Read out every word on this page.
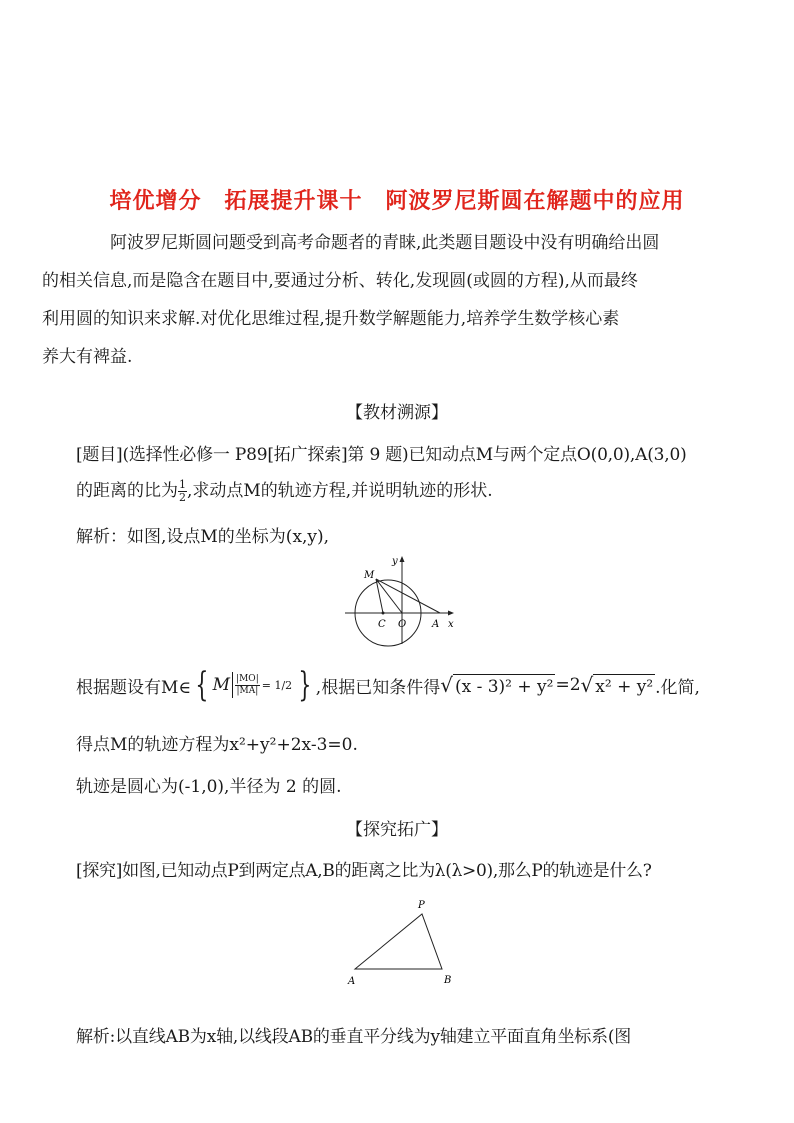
培优增分　拓展提升课十　阿波罗尼斯圆在解题中的应用
阿波罗尼斯圆问题受到高考命题者的青睐,此类题目题设中没有明确给出圆
的相关信息,而是隐含在题目中,要通过分析、转化,发现圆(或圆的方程),从而最终
利用圆的知识来求解.对优化思维过程,提升数学解题能力,培养学生数学核心素
养大有裨益.
【教材溯源】
[题目](选择性必修一 P89[拓广探索]第 9 题)已知动点M与两个定点O(0,0),A(3,0)
的距离的比为 $\frac{1}{2}$ ,求动点M的轨迹方程,并说明轨迹的形状.
解析：如图,设点M的坐标为(x,y),
M
y
C O	A x
根据题设有M∈ { M $\frac{|MO|}{|MA|} = 1/2$ } ,根据已知条件得 √ (x - 3)² + y² =2 √ x² + y² .化简,
得点M的轨迹方程为x²+y²+2x-3=0.
轨迹是圆心为(-1,0),半径为 2 的圆.
【探究拓广】
[探究]如图,已知动点P到两定点A,B的距离之比为λ(λ>0),那么P的轨迹是什么?
P
A	B
解析:以直线AB为x轴,以线段AB的垂直平分线为y轴建立平面直角坐标系(图
